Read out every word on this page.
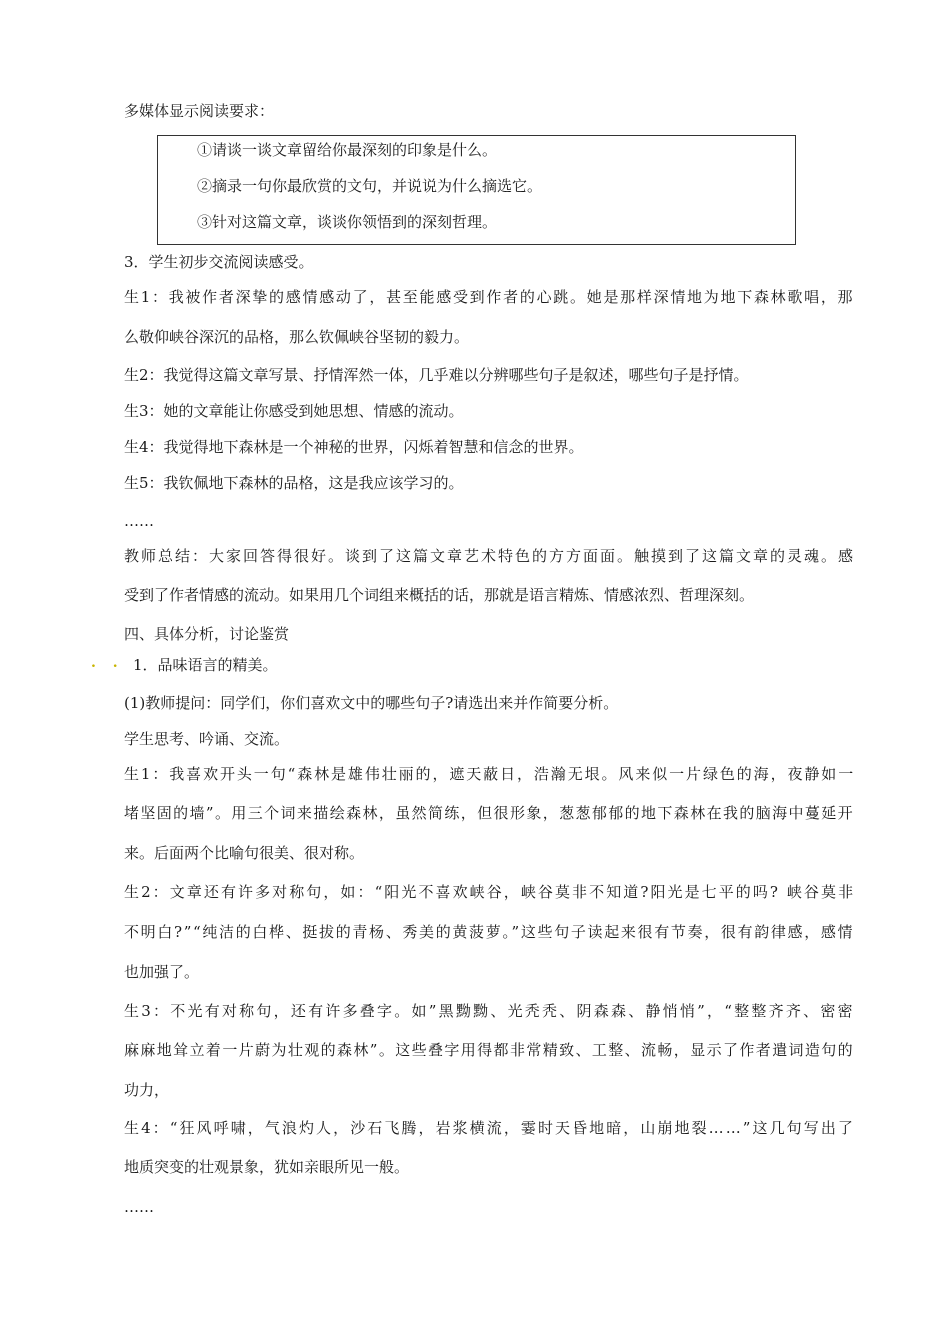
. .
多媒体显示阅读要求：
①请谈一谈文章留给你最深刻的印象是什么。
②摘录一句你最欣赏的文句，并说说为什么摘选它。
③针对这篇文章，谈谈你领悟到的深刻哲理。
3．学生初步交流阅读感受。
生1：我被作者深挚的感情感动了，甚至能感受到作者的心跳。她是那样深情地为地下森林歌唱，那
么敬仰峡谷深沉的品格，那么钦佩峡谷坚韧的毅力。
生2：我觉得这篇文章写景、抒情浑然一体，几乎难以分辨哪些句子是叙述，哪些句子是抒情。
生3：她的文章能让你感受到她思想、情感的流动。
生4：我觉得地下森林是一个神秘的世界，闪烁着智慧和信念的世界。
生5：我钦佩地下森林的品格，这是我应该学习的。
……
教师总结：大家回答得很好。谈到了这篇文章艺术特色的方方面面。触摸到了这篇文章的灵魂。感
受到了作者情感的流动。如果用几个词组来概括的话，那就是语言精炼、情感浓烈、哲理深刻。
四、具体分析，讨论鉴赏
1．品味语言的精美。
(1)教师提问：同学们，你们喜欢文中的哪些句子?请选出来并作简要分析。
学生思考、吟诵、交流。
生1：我喜欢开头一句“森林是雄伟壮丽的，遮天蔽日，浩瀚无垠。风来似一片绿色的海，夜静如一
堵坚固的墙”。用三个词来描绘森林，虽然简练，但很形象，葱葱郁郁的地下森林在我的脑海中蔓延开
来。后面两个比喻句很美、很对称。
生2：文章还有许多对称句，如：“阳光不喜欢峡谷，峡谷莫非不知道?阳光是七平的吗? 峡谷莫非
不明白?”“纯洁的白桦、挺拔的青杨、秀美的黄菠萝。”这些句子读起来很有节奏，很有韵律感，感情
也加强了。
生3：不光有对称句，还有许多叠字。如”黑黝黝、光秃秃、阴森森、静悄悄”，“整整齐齐、密密
麻麻地耸立着一片蔚为壮观的森林”。这些叠字用得都非常精致、工整、流畅，显示了作者遣词造句的
功力，
生4：“狂风呼啸，气浪灼人，沙石飞腾，岩浆横流，霎时天昏地暗，山崩地裂……”这几句写出了
地质突变的壮观景象，犹如亲眼所见一般。
……
